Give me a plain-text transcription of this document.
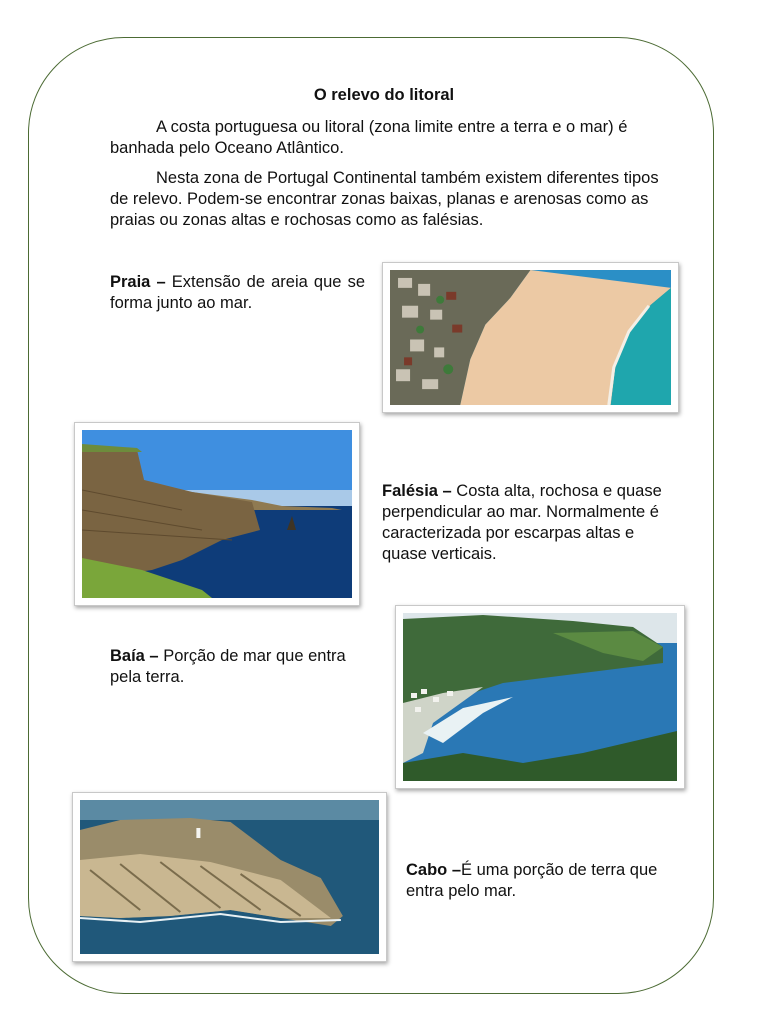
O relevo do litoral

A costa portuguesa ou litoral (zona limite entre a terra e o mar) é banhada pelo Oceano Atlântico.

Nesta zona de Portugal Continental também existem diferentes tipos de relevo. Podem-se encontrar zonas baixas, planas e arenosas como as praias ou zonas altas e rochosas como as falésias.

Praia – Extensão de areia que se forma junto ao mar.

Falésia – Costa alta, rochosa e quase perpendicular ao mar. Normalmente é caracterizada por escarpas altas e quase verticais.

Baía – Porção de mar que entra pela terra.

Cabo –É uma porção de terra que entra pelo mar.
